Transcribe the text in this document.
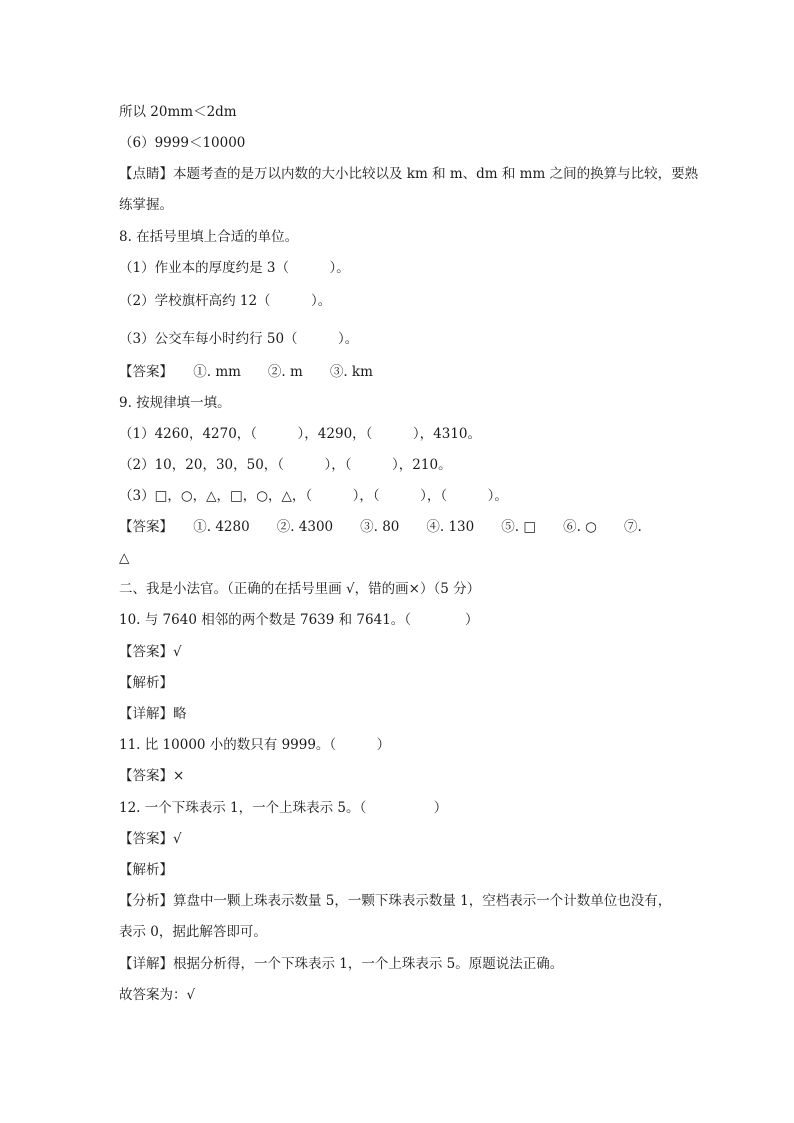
所以 20mm＜2dm
（6）9999＜10000
【点睛】本题考查的是万以内数的大小比较以及 km 和 m、dm 和 mm 之间的换算与比较，要熟
练掌握。
8. 在括号里填上合适的单位。
（1）作业本的厚度约是 3（　　　）。
（2）学校旗杆高约 12（　　　）。
（3）公交车每小时约行 50（　　　）。
【答案】　　①. mm　　②. m　　③. km
9. 按规律填一填。
（1）4260，4270，（　　　），4290，（　　　），4310。
（2）10，20，30，50，（　　　），（　　　），210。
（3）□，○，△，□，○，△，（　　　），（　　　），（　　　）。
【答案】　　①. 4280　　②. 4300　　③. 80　　④. 130　　⑤. □　　⑥. ○　　⑦.
△
二、我是小法官。（正确的在括号里画 √，错的画×）（5 分）
10. 与 7640 相邻的两个数是 7639 和 7641。（　　　　）
【答案】√
【解析】
【详解】略
11. 比 10000 小的数只有 9999。（　　　）
【答案】×
12. 一个下珠表示 1，一个上珠表示 5。（　　　　　）
【答案】√
【解析】
【分析】算盘中一颗上珠表示数量 5，一颗下珠表示数量 1，空档表示一个计数单位也没有，
表示 0，据此解答即可。
【详解】根据分析得，一个下珠表示 1，一个上珠表示 5。原题说法正确。
故答案为：√
